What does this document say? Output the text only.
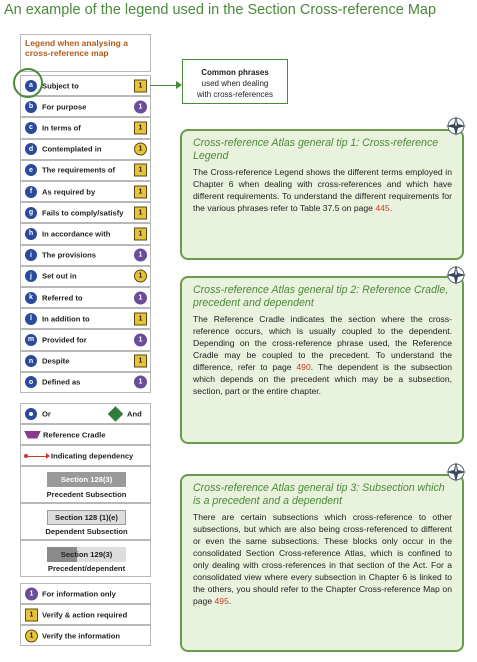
An example of the legend used in the Section Cross-reference Map
Legend when analysing a cross-reference map
a	Subject to	1
b	For purpose	1
c	In terms of	1
d	Contemplated in	1
e	The requirements of	1
f	As required by	1
g	Fails to comply/satisfy	1
h	In accordance with	1
i	The provisions	1
j	Set out in	1
k	Referred to	1
l	In addition to	1
m	Provided for	1
n	Despite	1
o	Defined as	1
Common phrases
used when dealing
with cross-references
Or	And
Reference Cradle
Indicating dependency
Section 128(3)
Precedent Subsection
Section 128 (1)(e)
Dependent Subsection
Section 129(3)
Precedent/dependent
1	For information only
1	Verify & action required
1	Verify the information
Cross-reference Atlas general tip 1: Cross-reference Legend
The Cross-reference Legend shows the different terms employed in Chapter 6 when dealing with cross-references and which have different requirements. To understand the different requirements for the various phrases refer to Table 37.5 on page 445.
Cross-reference Atlas general tip 2: Reference Cradle, precedent and dependent
The Reference Cradle indicates the section where the cross-reference occurs, which is usually coupled to the dependent. Depending on the cross-reference phrase used, the Reference Cradle may be coupled to the precedent. To understand the difference, refer to page 490. The dependent is the subsection which depends on the precedent which may be a subsection, section, part or the entire chapter.
Cross-reference Atlas general tip 3: Subsection which is a precedent and a dependent
There are certain subsections which cross-reference to other subsections, but which are also being cross-referenced to different or even the same subsections. These blocks only occur in the consolidated Section Cross-reference Atlas, which is confined to only dealing with cross-references in that section of the Act. For a consolidated view where every subsection in Chapter 6 is linked to the others, you should refer to the Chapter Cross-reference Map on page 495.
